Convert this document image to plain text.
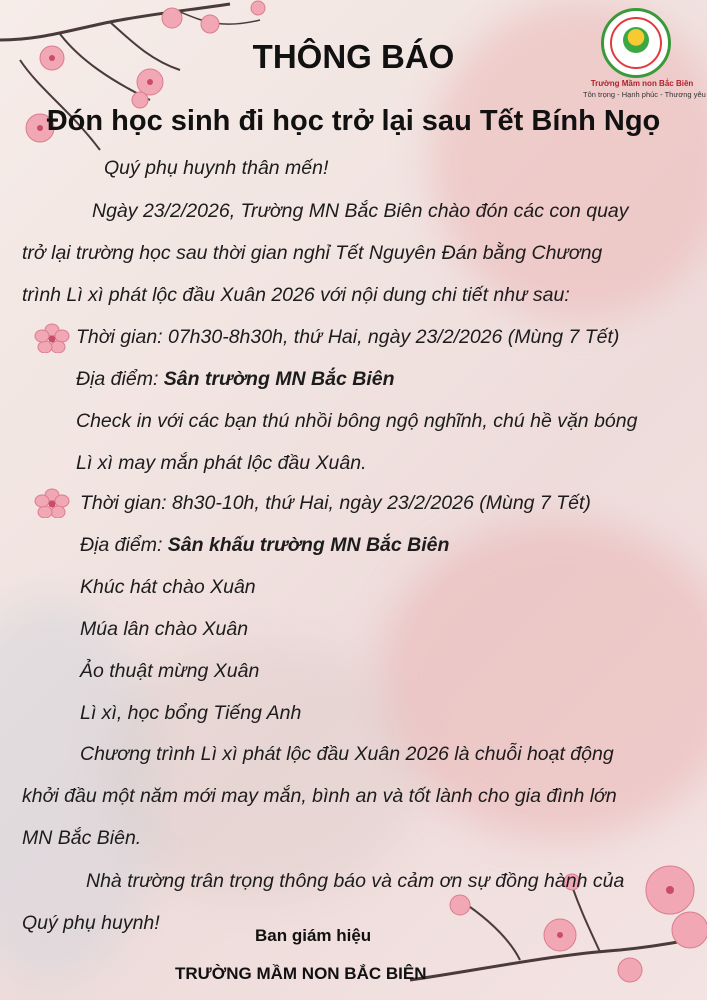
Trường Mầm non Bắc Biên
Tôn trọng - Hạnh phúc - Thương yêu
THÔNG BÁO
Đón học sinh đi học trở lại sau Tết Bính Ngọ
Quý phụ huynh thân mến!
Ngày 23/2/2026, Trường MN Bắc Biên chào đón các con quay
trở lại trường học sau thời gian nghỉ Tết Nguyên Đán bằng Chương
trình Lì xì phát lộc đầu Xuân 2026 với nội dung chi tiết như sau:
Thời gian: 07h30-8h30h, thứ Hai, ngày 23/2/2026 (Mùng 7 Tết)
Địa điểm: Sân trường MN Bắc Biên
Check in với các bạn thú nhồi bông ngộ nghĩnh, chú hề vặn bóng
Lì xì may mắn phát lộc đầu Xuân.
Thời gian: 8h30-10h, thứ Hai, ngày 23/2/2026 (Mùng 7 Tết)
Địa điểm: Sân khấu trường MN Bắc Biên
Khúc hát chào Xuân
Múa lân chào Xuân
Ảo thuật mừng Xuân
Lì xì, học bổng Tiếng Anh
Chương trình Lì xì phát lộc đầu Xuân 2026 là chuỗi hoạt động
khởi đầu một năm mới may mắn, bình an và tốt lành cho gia đình lớn
MN Bắc Biên.
Nhà trường trân trọng thông báo và cảm ơn sự đồng hành của
Quý phụ huynh!
Ban giám hiệu
TRƯỜNG MẦM NON BẮC BIÊN
